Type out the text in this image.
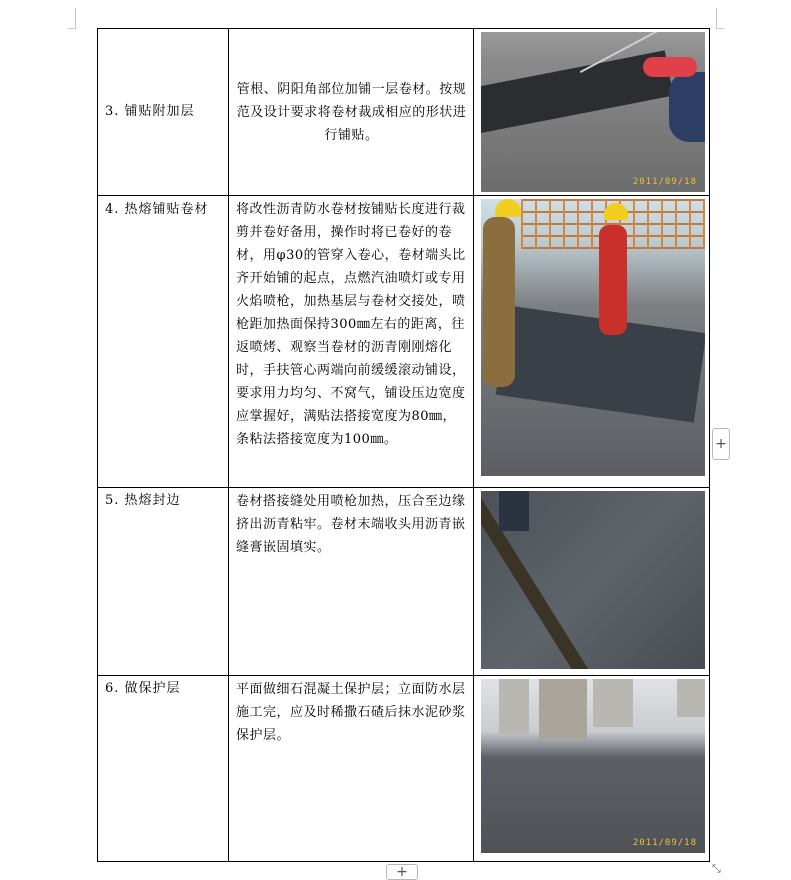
3. 铺贴附加层	管根、阴阳角部位加铺一层卷材。按规范及设计要求将卷材裁成相应的形状进行铺贴。	2011/09/18

4. 热熔铺贴卷材	将改性沥青防水卷材按铺贴长度进行裁剪并卷好备用，操作时将已卷好的卷材，用φ30的管穿入卷心，卷材端头比齐开始铺的起点，点燃汽油喷灯或专用火焰喷枪，加热基层与卷材交接处，喷枪距加热面保持300㎜左右的距离，往返喷烤、观察当卷材的沥青刚刚熔化时，手扶管心两端向前缓缓滚动铺设，要求用力均匀、不窝气，铺设压边宽度应掌握好，满贴法搭接宽度为80㎜，条粘法搭接宽度为100㎜。	

5. 热熔封边	卷材搭接缝处用喷枪加热，压合至边缘挤出沥青粘牢。卷材末端收头用沥青嵌缝膏嵌固填实。	

6. 做保护层	平面做细石混凝土保护层；立面防水层施工完，应及时稀撒石碴后抹水泥砂浆保护层。	2011/09/18
+
+	⤡
